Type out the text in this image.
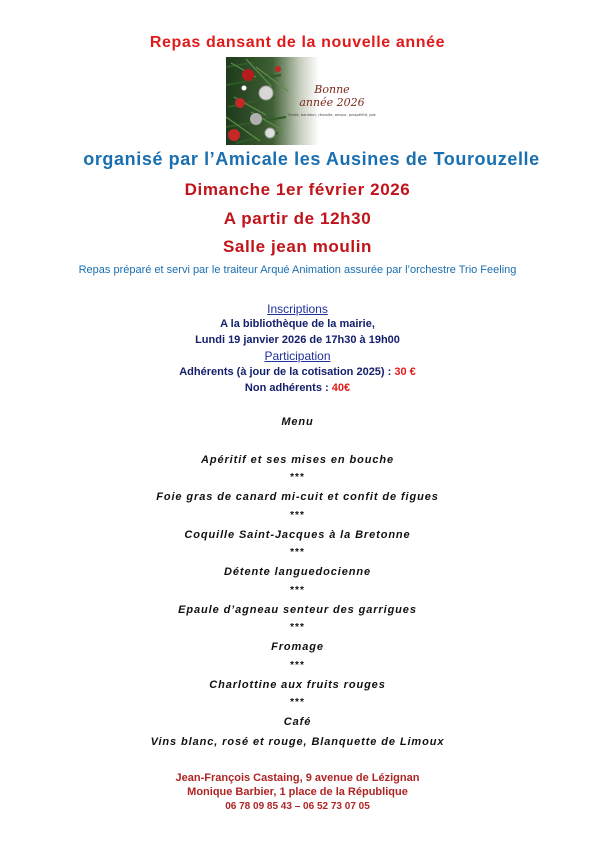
Repas dansant de la nouvelle année
Bonne
année 2026
Santé, bonheur, réussite, amour, prospérité, joie
organisé par l’Amicale les Ausines de Tourouzelle
Dimanche 1er février 2026
A partir de 12h30
Salle jean moulin
Repas préparé et servi par le traiteur Arqué Animation assurée par l’orchestre Trio Feeling
Inscriptions
A la bibliothèque de la mairie,
Lundi 19 janvier 2026 de 17h30 à 19h00
Participation
Adhérents (à jour de la cotisation 2025) : 30 €
Non adhérents : 40€
Menu
Apéritif et ses mises en bouche
***
Foie gras de canard mi-cuit et confit de figues
***
Coquille Saint-Jacques à la Bretonne
***
Détente languedocienne
***
Epaule d’agneau senteur des garrigues
***
Fromage
***
Charlottine aux fruits rouges
***
Café
Vins blanc, rosé et rouge, Blanquette de Limoux
Jean-François Castaing, 9 avenue de Lézignan
Monique Barbier, 1 place de la République
06 78 09 85 43 – 06 52 73 07 05
